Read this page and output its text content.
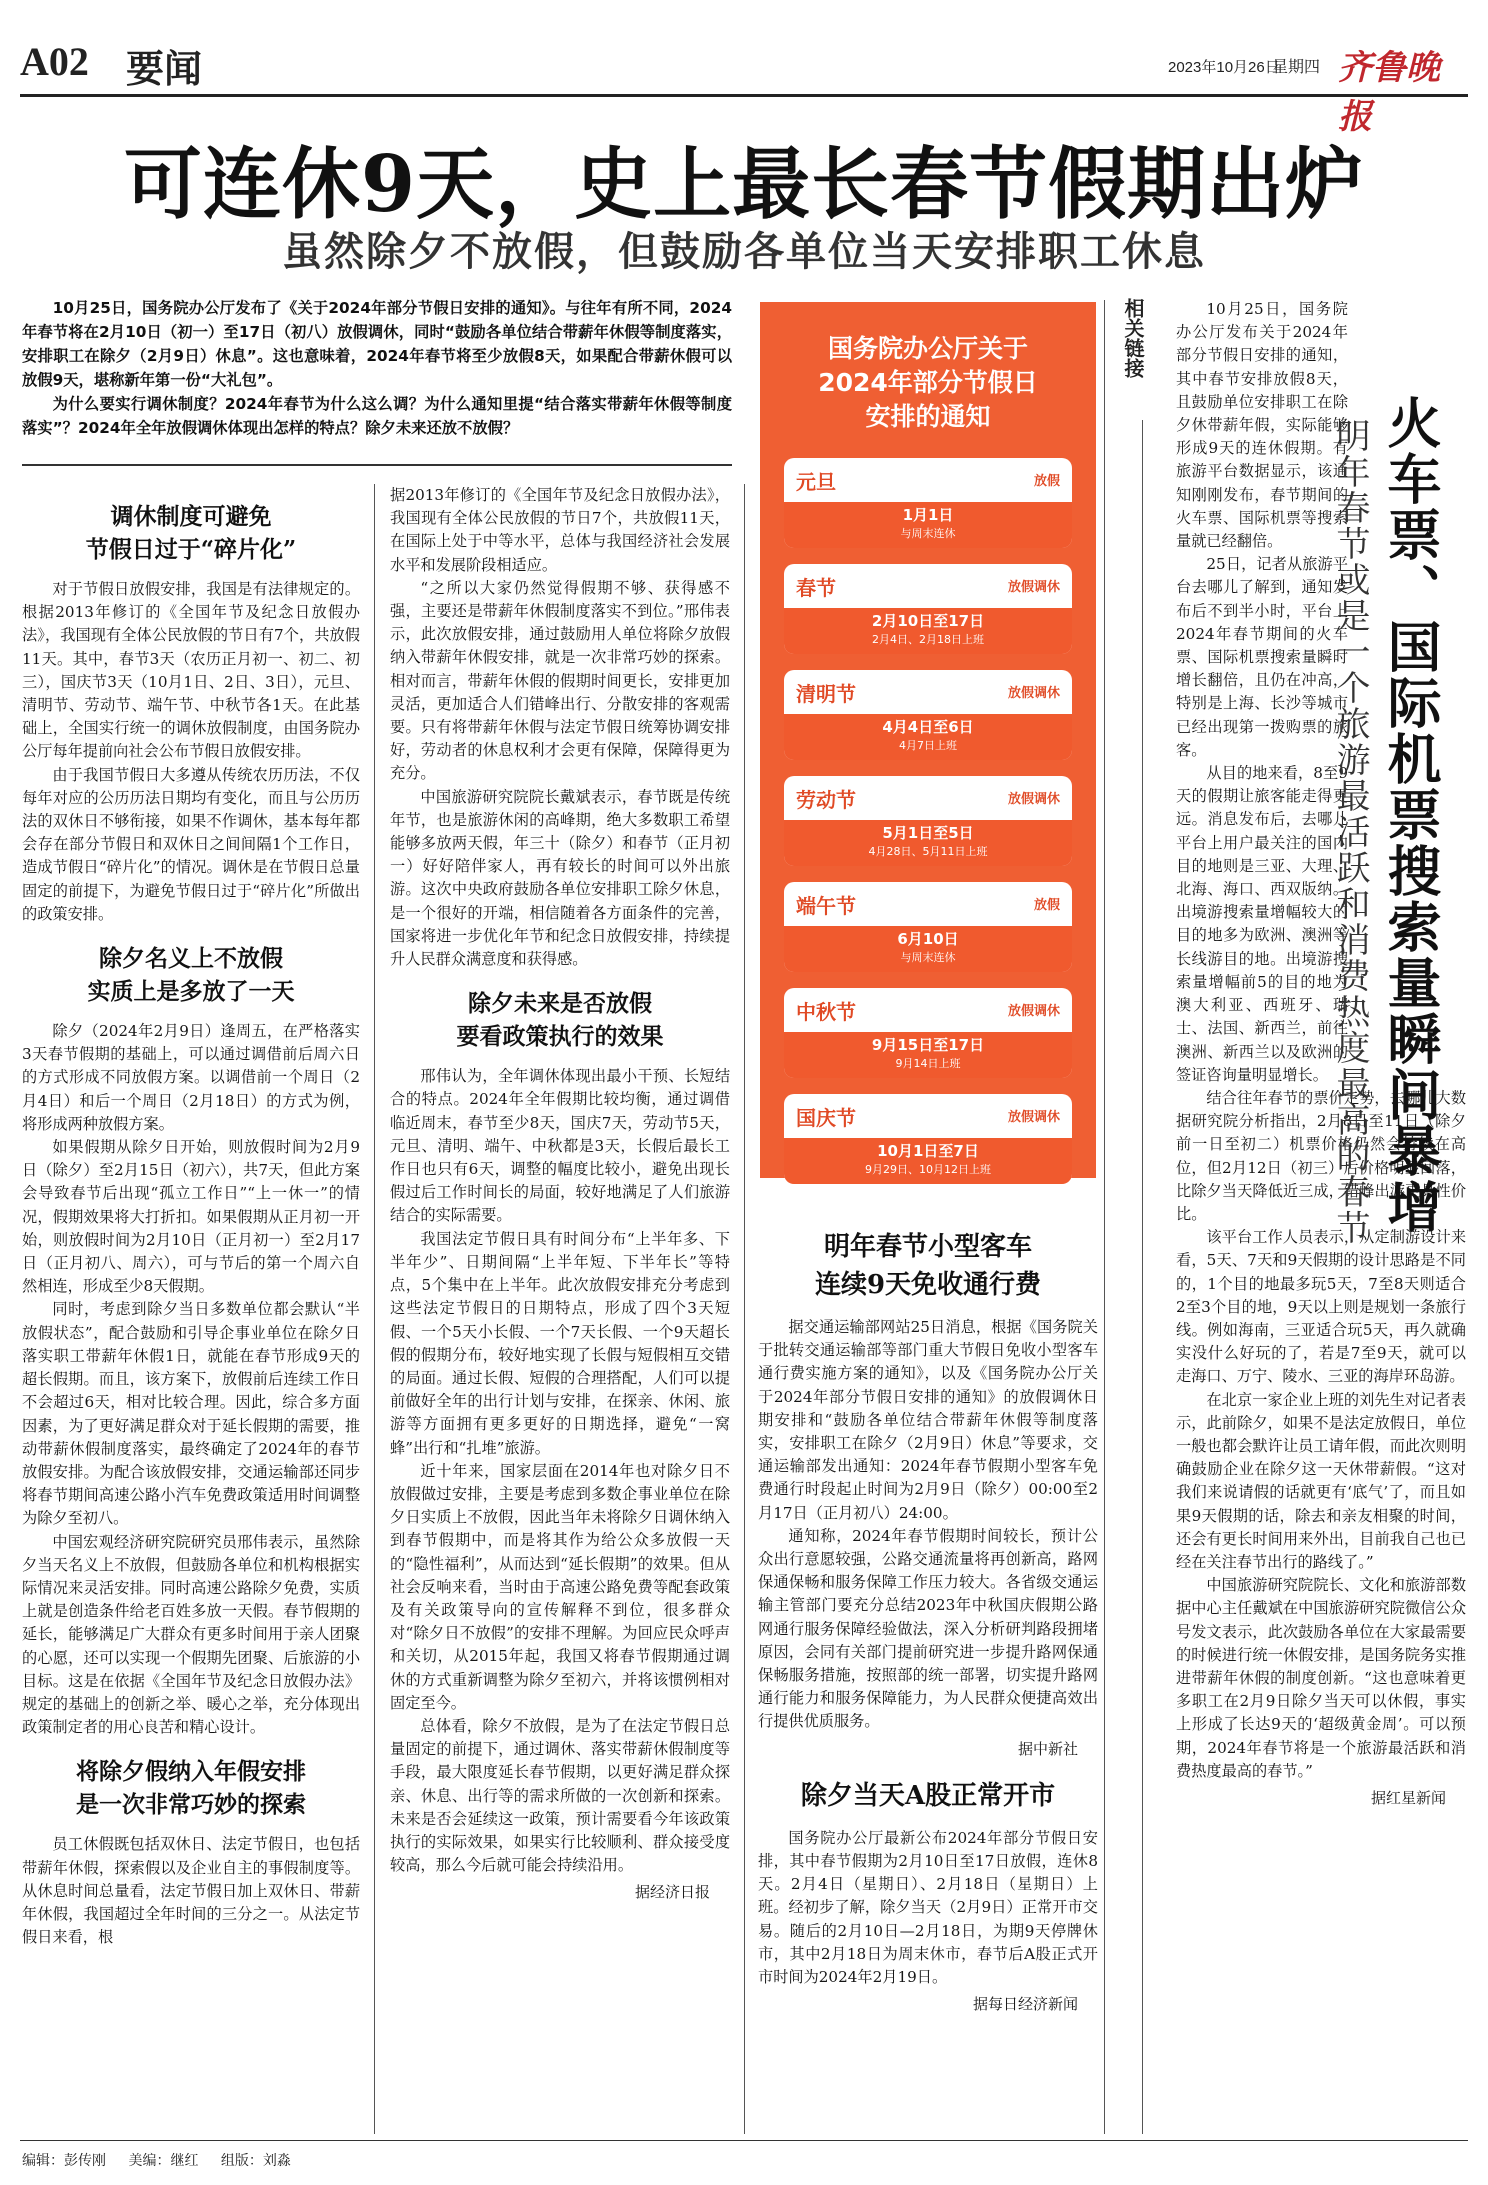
A02 要闻	2023年10月26日
星期四 齐鲁晚报
可连休9天，史上最长春节假期出炉
虽然除夕不放假，但鼓励各单位当天安排职工休息

10月25日，国务院办公厅发布了《关于2024年部分节假日安排的通知》。与往年有所不同，2024年春节将在2月10日（初一）至17日（初八）放假调休，同时“鼓励各单位结合带薪年休假等制度落实，安排职工在除夕（2月9日）休息”。这也意味着，2024年春节将至少放假8天，如果配合带薪休假可以放假9天，堪称新年第一份“大礼包”。

为什么要实行调休制度？2024年春节为什么这么调？为什么通知里提“结合落实带薪年休假等制度落实”？2024年全年放假调休体现出怎样的特点？除夕未来还放不放假？

调休制度可避免
节假日过于“碎片化”

对于节假日放假安排，我国是有法律规定的。根据2013年修订的《全国年节及纪念日放假办法》，我国现有全体公民放假的节日有7个，共放假11天。其中，春节3天（农历正月初一、初二、初三），国庆节3天（10月1日、2日、3日），元旦、清明节、劳动节、端午节、中秋节各1天。在此基础上，全国实行统一的调休放假制度，由国务院办公厅每年提前向社会公布节假日放假安排。

由于我国节假日大多遵从传统农历历法，不仅每年对应的公历历法日期均有变化，而且与公历历法的双休日不够衔接，如果不作调休，基本每年都会存在部分节假日和双休日之间间隔1个工作日，造成节假日“碎片化”的情况。调休是在节假日总量固定的前提下，为避免节假日过于“碎片化”所做出的政策安排。

除夕名义上不放假
实质上是多放了一天

除夕（2024年2月9日）逢周五，在严格落实3天春节假期的基础上，可以通过调借前后周六日的方式形成不同放假方案。以调借前一个周日（2月4日）和后一个周日（2月18日）的方式为例，将形成两种放假方案。

如果假期从除夕日开始，则放假时间为2月9日（除夕）至2月15日（初六），共7天，但此方案会导致春节后出现“孤立工作日”“上一休一”的情况，假期效果将大打折扣。如果假期从正月初一开始，则放假时间为2月10日（正月初一）至2月17日（正月初八、周六），可与节后的第一个周六自然相连，形成至少8天假期。

同时，考虑到除夕当日多数单位都会默认“半放假状态”，配合鼓励和引导企事业单位在除夕日落实职工带薪年休假1日，就能在春节形成9天的超长假期。而且，该方案下，放假前后连续工作日不会超过6天，相对比较合理。因此，综合多方面因素，为了更好满足群众对于延长假期的需要，推动带薪休假制度落实，最终确定了2024年的春节放假安排。为配合该放假安排，交通运输部还同步将春节期间高速公路小汽车免费政策适用时间调整为除夕至初八。

中国宏观经济研究院研究员邢伟表示，虽然除夕当天名义上不放假，但鼓励各单位和机构根据实际情况来灵活安排。同时高速公路除夕免费，实质上就是创造条件给老百姓多放一天假。春节假期的延长，能够满足广大群众有更多时间用于亲人团聚的心愿，还可以实现一个假期先团聚、后旅游的小目标。这是在依据《全国年节及纪念日放假办法》规定的基础上的创新之举、暖心之举，充分体现出政策制定者的用心良苦和精心设计。

将除夕假纳入年假安排
是一次非常巧妙的探索

员工休假既包括双休日、法定节假日，也包括带薪年休假，探索假以及企业自主的事假制度等。从休息时间总量看，法定节假日加上双休日、带薪年休假，我国超过全年时间的三分之一。从法定节假日来看，根

据2013年修订的《全国年节及纪念日放假办法》，我国现有全体公民放假的节日7个，共放假11天，在国际上处于中等水平，总体与我国经济社会发展水平和发展阶段相适应。

“之所以大家仍然觉得假期不够、获得感不强，主要还是带薪年休假制度落实不到位。”邢伟表示，此次放假安排，通过鼓励用人单位将除夕放假纳入带薪年休假安排，就是一次非常巧妙的探索。相对而言，带薪年休假的假期时间更长，安排更加灵活，更加适合人们错峰出行、分散安排的客观需要。只有将带薪年休假与法定节假日统筹协调安排好，劳动者的休息权利才会更有保障，保障得更为充分。

中国旅游研究院院长戴斌表示，春节既是传统年节，也是旅游休闲的高峰期，绝大多数职工希望能够多放两天假，年三十（除夕）和春节（正月初一）好好陪伴家人，再有较长的时间可以外出旅游。这次中央政府鼓励各单位安排职工除夕休息，是一个很好的开端，相信随着各方面条件的完善，国家将进一步优化年节和纪念日放假安排，持续提升人民群众满意度和获得感。

除夕未来是否放假
要看政策执行的效果

邢伟认为，全年调休体现出最小干预、长短结合的特点。2024年全年假期比较均衡，通过调借临近周末，春节至少8天，国庆7天，劳动节5天，元旦、清明、端午、中秋都是3天，长假后最长工作日也只有6天，调整的幅度比较小，避免出现长假过后工作时间长的局面，较好地满足了人们旅游结合的实际需要。

我国法定节假日具有时间分布“上半年多、下半年少”、日期间隔“上半年短、下半年长”等特点，5个集中在上半年。此次放假安排充分考虑到这些法定节假日的日期特点，形成了四个3天短假、一个5天小长假、一个7天长假、一个9天超长假的假期分布，较好地实现了长假与短假相互交错的局面。通过长假、短假的合理搭配，人们可以提前做好全年的出行计划与安排，在探亲、休闲、旅游等方面拥有更多更好的日期选择，避免“一窝蜂”出行和“扎堆”旅游。

近十年来，国家层面在2014年也对除夕日不放假做过安排，主要是考虑到多数企事业单位在除夕日实质上不放假，因此当年未将除夕日调休纳入到春节假期中，而是将其作为给公众多放假一天的“隐性福利”，从而达到“延长假期”的效果。但从社会反响来看，当时由于高速公路免费等配套政策及有关政策导向的宣传解释不到位，很多群众对“除夕日不放假”的安排不理解。为回应民众呼声和关切，从2015年起，我国又将春节假期通过调休的方式重新调整为除夕至初六，并将该惯例相对固定至今。

总体看，除夕不放假，是为了在法定节假日总量固定的前提下，通过调休、落实带薪休假制度等手段，最大限度延长春节假期，以更好满足群众探亲、休息、出行等的需求所做的一次创新和探索。未来是否会延续这一政策，预计需要看今年该政策执行的实际效果，如果实行比较顺利、群众接受度较高，那么今后就可能会持续沿用。

据经济日报
国务院办公厅关于
2024年部分节假日
安排的通知
元旦	放假
1月1日
与周末连休
春节	放假调休
2月10日至17日
2月4日、2月18日上班
清明节	放假调休
4月4日至6日
4月7日上班
劳动节	放假调休
5月1日至5日
4月28日、5月11日上班
端午节	放假
6月10日
与周末连休
中秋节	放假调休
9月15日至17日
9月14日上班
国庆节	放假调休
10月1日至7日
9月29日、10月12日上班
明年春节小型客车
连续9天免收通行费

据交通运输部网站25日消息，根据《国务院关于批转交通运输部等部门重大节假日免收小型客车通行费实施方案的通知》，以及《国务院办公厅关于2024年部分节假日安排的通知》的放假调休日期安排和“鼓励各单位结合带薪年休假等制度落实，安排职工在除夕（2月9日）休息”等要求，交通运输部发出通知：2024年春节假期小型客车免费通行时段起止时间为2月9日（除夕）00:00至2月17日（正月初八）24:00。

通知称，2024年春节假期时间较长，预计公众出行意愿较强，公路交通流量将再创新高，路网保通保畅和服务保障工作压力较大。各省级交通运输主管部门要充分总结2023年中秋国庆假期公路网通行服务保障经验做法，深入分析研判路段拥堵原因，会同有关部门提前研究进一步提升路网保通保畅服务措施，按照部的统一部署，切实提升路网通行能力和服务保障能力，为人民群众便捷高效出行提供优质服务。

据中新社
除夕当天A股正常开市

国务院办公厅最新公布2024年部分节假日安排，其中春节假期为2月10日至17日放假，连休8天。2月4日（星期日）、2月18日（星期日）上班。经初步了解，除夕当天（2月9日）正常开市交易。随后的2月10日—2月18日，为期9天停牌休市，其中2月18日为周末休市，春节后A股正式开市时间为2024年2月19日。

据每日经济新闻
相关链接	10月25日，国务院办公厅发布关于2024年部分节假日安排的通知，其中春节安排放假8天，且鼓励单位安排职工在除夕休带薪年假，实际能够形成9天的连休假期。有旅游平台数据显示，该通知刚刚发布，春节期间的火车票、国际机票等搜索量就已经翻倍。

25日，记者从旅游平台去哪儿了解到，通知发布后不到半小时，平台上2024年春节期间的火车票、国际机票搜索量瞬时增长翻倍，且仍在冲高，特别是上海、长沙等城市已经出现第一拨购票的旅客。

从目的地来看，8至9天的假期让旅客能走得更远。消息发布后，去哪儿平台上用户最关注的国内目的地则是三亚、大理、北海、海口、西双版纳。出境游搜索量增幅较大的目的地多为欧洲、澳洲等长线游目的地。出境游搜索量增幅前5的目的地为澳大利亚、西班牙、瑞士、法国、新西兰，前往澳洲、新西兰以及欧洲的签证咨询量明显增长。

结合往年春节的票价走势，去哪儿大数据研究院分析指出，2月8日至11日（除夕前一日至初二）机票价格仍然会持续在高位，但2月12日（初三）后价格明显回落，比除夕当天降低近三成，错峰出游更具性价比。

该平台工作人员表示，从定制游设计来看，5天、7天和9天假期的设计思路是不同的，1个目的地最多玩5天，7至8天则适合2至3个目的地，9天以上则是规划一条旅行线。例如海南，三亚适合玩5天，再久就确实没什么好玩的了，若是7至9天，就可以走海口、万宁、陵水、三亚的海岸环岛游。

在北京一家企业上班的刘先生对记者表示，此前除夕，如果不是法定放假日，单位一般也都会默许让员工请年假，而此次则明确鼓励企业在除夕这一天休带薪假。“这对我们来说请假的话就更有‘底气’了，而且如果9天假期的话，除去和亲友相聚的时间，还会有更长时间用来外出，目前我自己也已经在关注春节出行的路线了。”

中国旅游研究院院长、文化和旅游部数据中心主任戴斌在中国旅游研究院微信公众号发文表示，此次鼓励各单位在大家最需要的时候进行统一休假安排，是国务院务实推进带薪年休假的制度创新。“这也意味着更多职工在2月9日除夕当天可以休假，事实上形成了长达9天的‘超级黄金周’。可以预期，2024年春节将是一个旅游最活跃和消费热度最高的春节。”

据红星新闻
火车票、国际机票搜索量瞬间暴增
明年春节或是一个旅游最活跃和消费热度最高的春节
编辑：彭传刚 美编：继红 组版：刘淼
